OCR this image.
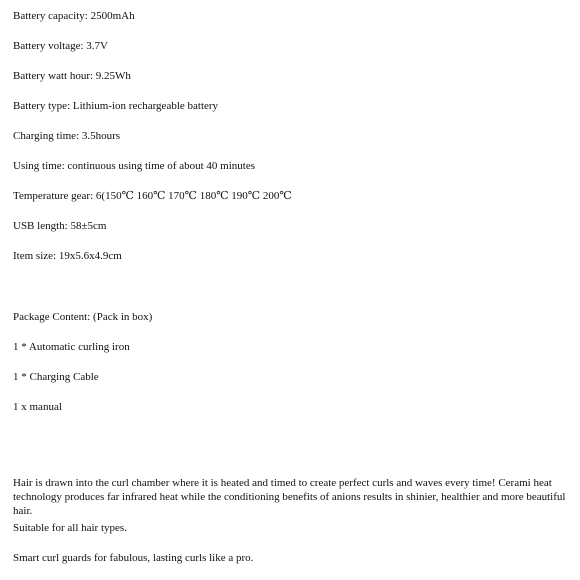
Battery capacity: 2500mAh
Battery voltage: 3.7V
Battery watt hour: 9.25Wh
Battery type: Lithium-ion rechargeable battery
Charging time: 3.5hours
Using time: continuous using time of about 40 minutes
Temperature gear: 6(150℃ 160℃ 170℃ 180℃ 190℃ 200℃
USB length: 58±5cm
Item size: 19x5.6x4.9cm
Package Content: (Pack in box)
1 * Automatic curling iron
1 * Charging Cable
1 x manual
Hair is drawn into the curl chamber where it is heated and timed to create perfect curls and waves every time! Cerami heat technology produces far infrared heat while the conditioning benefits of anions results in shinier, healthier and more beautiful hair.
Suitable for all hair types.
Smart curl guards for fabulous, lasting curls like a pro.
